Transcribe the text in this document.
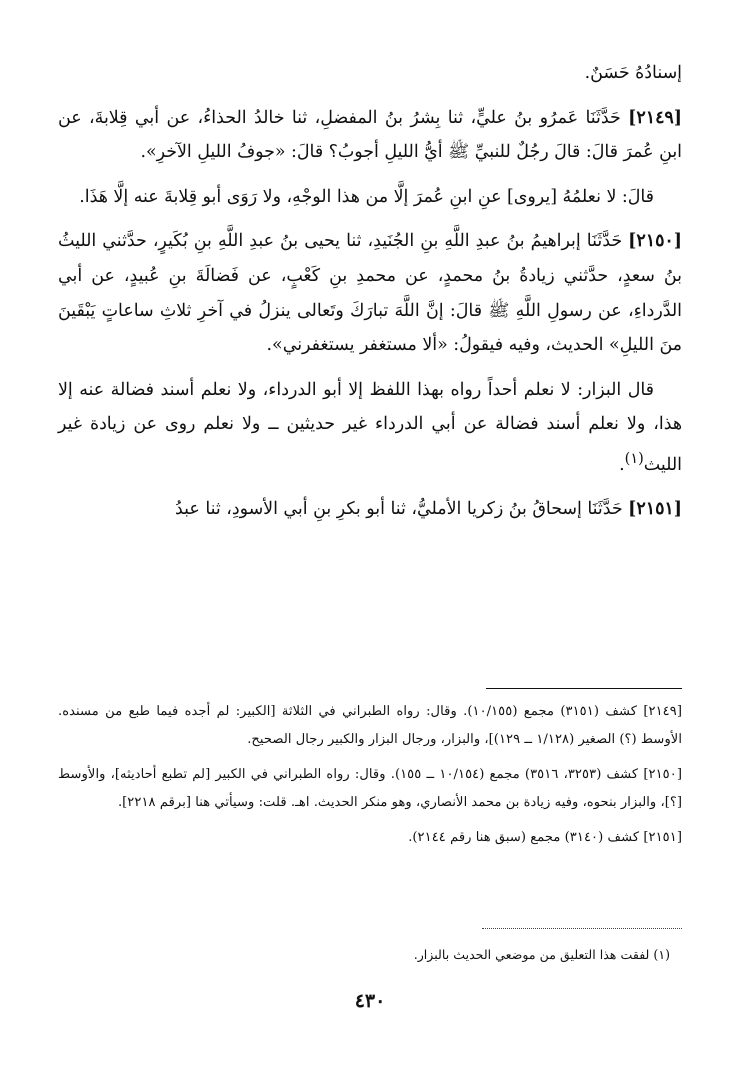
إسنادُهُ حَسَنٌ.

[٢١٤٩] حَدَّثَنَا عَمرُو بنُ عليٍّ، ثنا بِشرُ بنُ المفضلِ، ثنا خالدُ الحذاءُ، عن أبي قِلابةَ، عن ابنِ عُمرَ قالَ: قالَ رجُلٌ للنبيِّ ﷺ أيُّ الليلِ أجوبُ؟ قالَ: «جوفُ الليلِ الآخرِ».

قالَ: لا نعلمُهُ [يروى] عنِ ابنِ عُمرَ إلَّا من هذا الوجْهِ، ولا رَوَى أبو قِلابةَ عنه إلَّا هَذَا.

[٢١٥٠] حَدَّثَنَا إبراهيمُ بنُ عبدِ اللَّهِ بنِ الجُنَيدِ، ثنا يحيى بنُ عبدِ اللَّهِ بنِ بُكَيرٍ، حدَّثني الليثُ بنُ سعدٍ، حدَّثني زيادةُ بنُ محمدٍ، عن محمدِ بنِ كَعْبٍ، عن فَضالَةَ بنِ عُبيدٍ، عن أبي الدَّرداءِ، عن رسولِ اللَّهِ ﷺ قالَ: إنَّ اللَّهَ تبارَكَ وتَعالى ينزلُ في آخرِ ثلاثِ ساعاتٍ يَبْقَينَ منَ الليلِ» الحديث، وفيه فيقولُ: «ألا مستغفر يستغفرني».

قال البزار: لا نعلم أحداً رواه بهذا اللفظ إلا أبو الدرداء، ولا نعلم أسند فضالة عنه إلا هذا، ولا نعلم أسند فضالة عن أبي الدرداء غير حديثين ــ ولا نعلم روى عن زيادة غير الليث$^{(١)}$.

[٢١٥١] حَدَّثَنَا إسحاقُ بنُ زكريا الأمليُّ، ثنا أبو بكرِ بنِ أبي الأسودِ، ثنا عبدُ

[٢١٤٩] كشف (٣١٥١) مجمع (١٠/١٥٥). وقال: رواه الطبراني في الثلاثة [الكبير: لم أجده فيما طبع من مسنده. الأوسط (؟) الصغير (١/١٢٨ ــ ١٢٩)]، والبزار، ورجال البزار والكبير رجال الصحيح.

[٢١٥٠] كشف (٣٢٥٣، ٣٥١٦) مجمع (١٠/١٥٤ ــ ١٥٥). وقال: رواه الطبراني في الكبير [لم تطبع أحاديثه]، والأوسط [؟]، والبزار بنحوه، وفيه زيادة بن محمد الأنصاري، وهو منكر الحديث. اهـ. قلت: وسيأتي هنا [برقم ٢٢١٨].

[٢١٥١] كشف (٣١٤٠) مجمع (سبق هنا رقم ٢١٤٤).

(١) لفقت هذا التعليق من موضعي الحديث بالبزار.
٤٣٠
